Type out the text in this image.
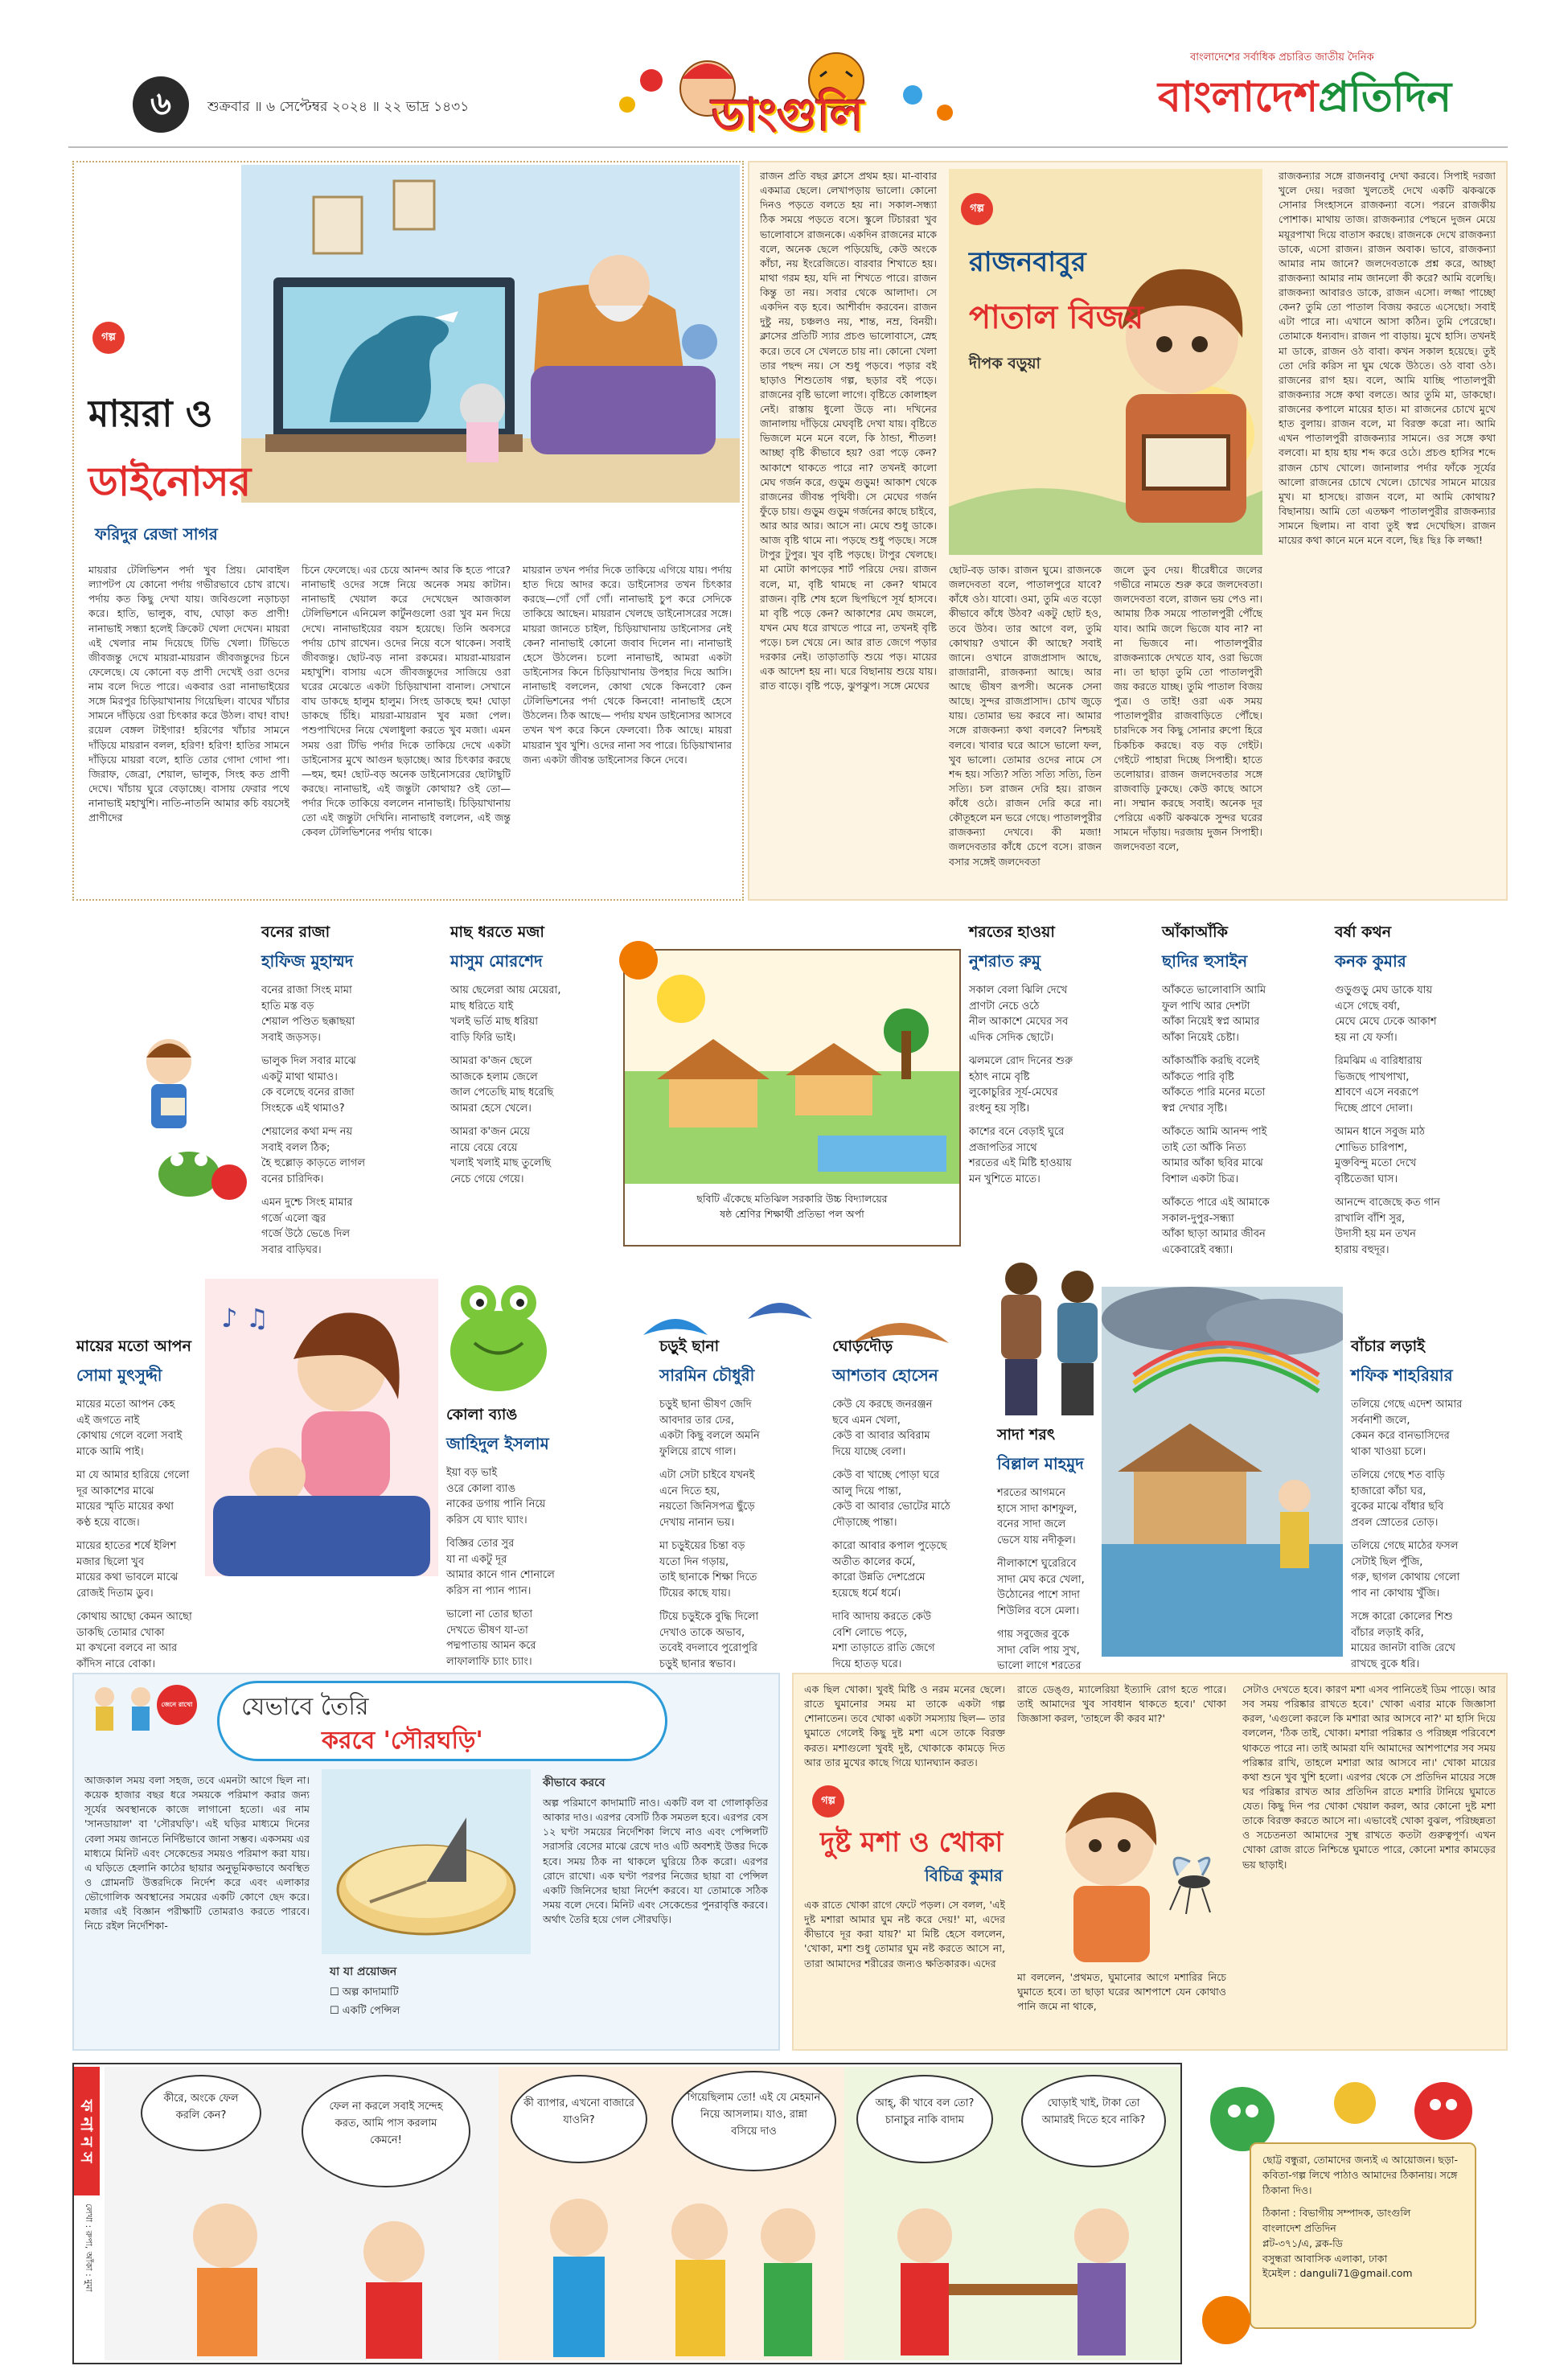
৬	শুক্রবার ॥ ৬ সেপ্টেম্বর ২০২৪ ॥ ২২ ভাদ্র ১৪৩১	ডাংগুলি
বাংলাদেশের সর্বাধিক প্রচারিত জাতীয় দৈনিক
বাংলাদেশপ্রতিদিন
গল্প
মায়রা ও
ডাইনোসর
ফরিদুর রেজা সাগর
মায়রার টেলিভিশন পর্দা খুব প্রিয়। মোবাইল ল্যাপটপ যে কোনো পর্দায় গভীরভাবে চোখ রাখে। পর্দায় কত কিছু দেখা যায়। জবিগুলো নড়াচড়া করে। হাতি, ভালুক, বাঘ, ঘোড়া কত প্রাণী! নানাভাই সন্ধ্যা হলেই ক্রিকেট খেলা দেখেন। মায়রা এই খেলার নাম দিয়েছে টিভি খেলা। টিভিতে জীবজন্তু দেখে মায়রা-মায়রান জীবজন্তুদের চিনে ফেলেছে। যে কোনো বড় প্রাণী দেখেই ওরা ওদের নাম বলে দিতে পারে। একবার ওরা নানাভাইয়ের সঙ্গে মিরপুর চিড়িয়াখানায় গিয়েছিল। বাঘের খাঁচার সামনে দাঁড়িয়ে ওরা চিৎকার করে উঠল। বাঘ! বাঘ! রয়েল বেঙ্গল টাইগার! হরিণের খাঁচার সামনে দাঁড়িয়ে মায়রান বলল, হরিণ! হরিণ! হাতির সামনে দাঁড়িয়ে মায়রা বলে, হাতি তোর গোদা গোদা পা। জিরাফ, জেব্রা, শেয়াল, ভালুক, সিংহ কত প্রাণী দেখে। খাঁচায় ঘুরে বেড়াচ্ছে। বাসায় ফেরার পথে নানাভাই মহাখুশি। নাতি-নাতনি আমার কচি বয়সেই প্রাণীদের
চিনে ফেলেছে। এর চেয়ে আনন্দ আর কি হতে পারে? নানাভাই ওদের সঙ্গে নিয়ে অনেক সময় কাটান। নানাভাই খেয়াল করে দেখেছেন আজকাল টেলিভিশনে এনিমেল কার্টুনগুলো ওরা খুব মন দিয়ে দেখে। নানাভাইয়ের বয়স হয়েছে। তিনি অবসরে পর্দায় চোখ রাখেন। ওদের নিয়ে বসে থাকেন। সবাই জীবজন্তু। ছোট-বড় নানা রকমের। মায়রা-মায়রান মহাখুশি। বাসায় এসে জীবজন্তুদের সাজিয়ে ওরা ঘরের মেঝেতে একটা চিড়িয়াখানা বানাল। সেখানে বাঘ ডাকছে হালুম হালুম। সিংহ ডাকছে হুম! ঘোড়া ডাকছে চিঁহি। মায়রা-মায়রান খুব মজা পেল। পশুপাখিদের নিয়ে খেলাধুলা করতে খুব মজা। এমন সময় ওরা টিভি পর্দার দিকে তাকিয়ে দেখে একটা ডাইনোসর মুখে আগুন ছড়াচ্ছে। আর চিৎকার করছে—হুম, হুম! ছোট-বড় অনেক ডাইনোসরের ছোটাছুটি করছে। নানাভাই, এই জন্তুটা কোথায়? ওই তো—পর্দার দিকে তাকিয়ে বললেন নানাভাই। চিড়িয়াখানায় তো এই জন্তুটা দেখিনি। নানাভাই বললেন, এই জন্তু কেবল টেলিভিশনের পর্দায় থাকে।
মায়রান তখন পর্দার দিকে তাকিয়ে এগিয়ে যায়। পর্দায় হাত দিয়ে আদর করে। ডাইনোসর তখন চিৎকার করছে—গোঁ গোঁ গোঁ। নানাভাই চুপ করে সেদিকে তাকিয়ে আছেন। মায়রান খেলছে ডাইনোসরের সঙ্গে। মায়রা জানতে চাইল, চিড়িয়াখানায় ডাইনোসর নেই কেন? নানাভাই কোনো জবাব দিলেন না। নানাভাই হেসে উঠলেন। চলো নানাভাই, আমরা একটা ডাইনোসর কিনে চিড়িয়াখানায় উপহার দিয়ে আসি। নানাভাই বললেন, কোথা থেকে কিনবো? কেন টেলিভিশনের পর্দা থেকে কিনবো! নানাভাই হেসে উঠলেন। ঠিক আছে— পর্দায় যখন ডাইনোসর আসবে তখন খপ করে কিনে ফেলবো। ঠিক আছে। মায়রা মায়রান খুব খুশি। ওদের নানা সব পারে। চিড়িয়াখানার জন্য একটা জীবন্ত ডাইনোসর কিনে দেবে।
রাজন প্রতি বছর ক্লাসে প্রথম হয়। মা-বাবার একমাত্র ছেলে। লেখাপড়ায় ভালো। কোনো দিনও পড়তে বলতে হয় না। সকাল-সন্ধ্যা ঠিক সময়ে পড়তে বসে। স্কুলে টিচাররা খুব ভালোবাসে রাজনকে। একদিন রাজনের মাকে বলে, অনেক ছেলে পড়িয়েছি, কেউ অংকে কাঁচা, নয় ইংরেজিতে। বারবার শিখাতে হয়। মাথা গরম হয়, যদি না শিখতে পারে। রাজন কিন্তু তা নয়। সবার থেকে আলাদা। সে একদিন বড় হবে। আশীর্বাদ করবেন। রাজন দুষ্টু নয়, চঞ্চলও নয়, শান্ত, নম্র, বিনয়ী। ক্লাসের প্রতিটি স্যার প্রচণ্ড ভালোবাসে, স্নেহ করে। তবে সে খেলতে চায় না। কোনো খেলা তার পছন্দ নয়। সে শুধু পড়বে। পড়ার বই ছাড়াও শিশুতোষ গল্প, ছড়ার বই পড়ে। রাজনের বৃষ্টি ভালো লাগে। বৃষ্টিতে কোলাহল নেই। রাস্তায় ধুলো উড়ে না। দখিনের জানালায় দাঁড়িয়ে মেঘবৃষ্টি দেখা যায়। বৃষ্টিতে ভিজলে মনে মনে বলে, কি ঠান্ডা, শীতল! আচ্ছা বৃষ্টি কীভাবে হয়? ওরা পড়ে কেন? আকাশে থাকতে পারে না? তখনই কালো মেঘ গর্জন করে, গুড়ুম গুড়ুম! আকাশ থেকে রাজনের জীবন্ত পৃথিবী। সে মেঘের গর্জন ফুঁড়ে চায়। গুড়ুম গুড়ুম গর্জনের কাছে চাইবে, আর আর আর। আসে না। মেঘে শুধু ডাকে। আজ বৃষ্টি থামে না। পড়ছে শুধু পড়ছে। সঙ্গে টাপুর টুপুর। খুব বৃষ্টি পড়ছে। টাপুর খেলছে। মা মোটা কাপড়ের শার্ট পরিয়ে দেয়। রাজন বলে, মা, বৃষ্টি থামছে না কেন? থামবে রাজন। বৃষ্টি শেষ হলে ছিপছিপে সূর্য হাসবে। মা বৃষ্টি পড়ে কেন? আকাশের মেঘ জমলে, যখন মেঘ ধরে রাখতে পারে না, তখনই বৃষ্টি পড়ে। চল খেয়ে নে। আর রাত জেগে পড়ার দরকার নেই। তাড়াতাড়ি শুয়ে পড়। মায়ের এক আদেশ হয় না। ঘরে বিছানায় শুয়ে যায়। রাত বাড়ে। বৃষ্টি পড়ে, ঝুপঝুপ। সঙ্গে মেঘের
গল্প
রাজনবাবুর
পাতাল বিজয়
দীপক বড়ুয়া
ছোট-বড় ডাক। রাজন ঘুমে। রাজনকে জলদেবতা বলে, পাতালপুরে যাবে? কাঁধে ওঠ। যাবো। ওমা, তুমি এত বড়ো কীভাবে কাঁধে উঠব? একটু ছোট হও, তবে উঠব। তার আগে বল, তুমি কোথায়? ওখানে কী আছে? সবাই জানে। ওখানে রাজপ্রাসাদ আছে, রাজারানী, রাজকন্যা আছে। আর আছে ভীষণ রূপসী। অনেক সেনা আছে। সুন্দর রাজপ্রাসাদ। চোখ জুড়ে যায়। তোমার ভয় করবে না। আমার সঙ্গে রাজকন্যা কথা বলবে? নিশ্চয়ই বলবে। খাবার ঘরে আসে ভালো ফল, খুব ভালো। তোমার ওদের নামে সে শব্দ হয়। সত্যি? সত্যি সত্যি সত্যি, তিন সত্যি। চল রাজন দেরি হয়। রাজন কাঁধে ওঠে। রাজন দেরি করে না। কৌতূহলে মন ভরে গেছে। পাতালপুরীর রাজকন্যা দেখবে। কী মজা! জলদেবতার কাঁধে চেপে বসে। রাজন বসার সঙ্গেই জলদেবতা
জলে ডুব দেয়। ধীরেধীরে জলের গভীরে নামতে শুরু করে জলদেবতা। জলদেবতা বলে, রাজন ভয় পেও না। আমায় ঠিক সময়ে পাতালপুরী পৌঁছে যাব। আমি জলে ভিজে যাব না? না না ভিজবে না। পাতালপুরীর রাজকন্যাকে দেখতে যাব, ওরা ভিজে না। তা ছাড়া তুমি তো পাতালপুরী জয় করতে যাচ্ছ। তুমি পাতাল বিজয় পুত্র। ও তাই! ওরা এক সময় পাতালপুরীর রাজবাড়িতে পৌঁছে। চারদিকে সব কিছু সোনার রুপো হিরে চিকচিক করছে। বড় বড় গেইট। গেইটে পাহারা দিচ্ছে সিপাহী। হাতে তলোয়ার। রাজন জলদেবতার সঙ্গে রাজবাড়ি ঢুকছে। কেউ কাছে আসে না। সম্মান করছে সবাই। অনেক দূর পেরিয়ে একটি ঝকঝকে সুন্দর ঘরের সামনে দাঁড়ায়। দরজায় দুজন সিপাহী। জলদেবতা বলে,
রাজকন্যার সঙ্গে রাজনবাবু দেখা করবে। সিপাই দরজা খুলে দেয়। দরজা খুলতেই দেখে একটি ঝকঝকে সোনার সিংহাসনে রাজকন্যা বসে। পরনে রাজকীয় পোশাক। মাথায় তাজ। রাজকন্যার পেছনে দুজন মেয়ে ময়ূরপাখা দিয়ে বাতাস করছে। রাজনকে দেখে রাজকন্যা ডাকে, এসো রাজন। রাজন অবাক। ভাবে, রাজকন্যা আমার নাম জানে? জলদেবতাকে প্রশ্ন করে, আচ্ছা রাজকন্যা আমার নাম জানলো কী করে? আমি বলেছি। রাজকন্যা আবারও ডাকে, রাজন এসো। লজ্জা পাচ্ছো কেন? তুমি তো পাতাল বিজয় করতে এসেছো। সবাই এটা পারে না। এখানে আসা কঠিন। তুমি পেরেছো। তোমাকে ধন্যবাদ। রাজন পা বাড়ায়। মুখে হাসি। তখনই মা ডাকে, রাজন ওঠ বাবা। কখন সকাল হয়েছে। তুই তো দেরি করিস না ঘুম থেকে উঠতে। ওঠ বাবা ওঠ। রাজনের রাগ হয়। বলে, আমি যাচ্ছি পাতালপুরী রাজকন্যার সঙ্গে কথা বলতে। আর তুমি মা, ডাকছো। রাজনের কপালে মায়ের হাত। মা রাজনের চোখে মুখে হাত বুলায়। রাজন বলে, মা বিরক্ত করো না। আমি এখন পাতালপুরী রাজকন্যার সামনে। ওর সঙ্গে কথা বলবো। মা হায় হায় শব্দ করে ওঠে। প্রচণ্ড হাসির শব্দে রাজন চোখ খোলে। জানালার পর্দার ফাঁকে সূর্যের আলো রাজনের চোখে খেলে। চোখের সামনে মায়ের মুখ। মা হাসছে। রাজন বলে, মা আমি কোথায়? বিছানায়। আমি তো এতক্ষণ পাতালপুরীর রাজকন্যার সামনে ছিলাম। না বাবা তুই স্বপ্ন দেখেছিস। রাজন মায়ের কথা কানে মনে মনে বলে, ছিঃ ছিঃ কি লজ্জা!
বনের রাজা
হাফিজ মুহাম্মদ
বনের রাজা সিংহ মামা
হাতি মস্ত বড়
শেয়াল পণ্ডিত ছক্কাছয়া
সবাই জড়সড়।
ভালুক দিল সবার মাঝে
একটু মাথা থামাও।
কে বলেছে বনের রাজা
সিংহকে এই থামাও?
শেয়ালের কথা মন্দ নয়
সবাই বলল ঠিক;
হৈ হুল্লোড় কাড়তে লাগল
বনের চারিদিক।
এমন দুশ্চে সিংহ মামার
গর্জে এলো জ্বর
গর্জে উঠে ভেঙে দিল
সবার বাড়িঘর।
মাছ ধরতে মজা
মাসুম মোরশেদ
আয় ছেলেরা আয় মেয়েরা,
মাছ ধরিতে যাই
খলই ভর্তি মাছ ধরিয়া
বাড়ি ফিরি ভাই।
আমরা ক'জন ছেলে
আজকে হলাম জেলে
জাল পেতেছি মাছ ধরেছি
আমরা হেসে খেলে।
আমরা ক'জন মেয়ে
নায়ে বেয়ে বেয়ে
খলাই খলাই মাছ তুলেছি
নেচে গেয়ে গেয়ে।
ছবিটি এঁকেছে মতিঝিল সরকারি উচ্চ বিদ্যালয়ের
ষষ্ঠ শ্রেণির শিক্ষার্থী প্রতিভা পল অর্পা
শরতের হাওয়া
নুশরাত রুমু
সকাল বেলা ঝিলি দেখে
প্রাণটা নেচে ওঠে
নীল আকাশে মেঘের সব
এদিক সেদিক ছোটে।
ঝলমলে রোদ দিনের শুরু
হঠাৎ নামে বৃষ্টি
লুকোচুরির সূর্য-মেঘের
রংধনু হয় সৃষ্টি।
কাশের বনে বেড়াই ঘুরে
প্রজাপতির সাথে
শরতের এই মিষ্টি হাওয়ায়
মন খুশিতে মাতে।
আঁকাআঁকি
ছাদির হুসাইন
আঁকতে ভালোবাসি আমি
ফুল পাখি আর দেশটা
আঁকা নিয়েই স্বপ্ন আমার
আঁকা নিয়েই চেষ্টা।
আঁকাআঁকি করছি বলেই
আঁকতে পারি বৃষ্টি
আঁকতে পারি মনের মতো
স্বপ্ন দেখার সৃষ্টি।
আঁকতে আমি আনন্দ পাই
তাই তো আঁকি নিত্য
আমার আঁকা ছবির মাঝে
বিশাল একটা চিত্র।
আঁকতে পারে এই আমাকে
সকাল-দুপুর-সন্ধ্যা
আঁকা ছাড়া আমার জীবন
একেবারেই বন্ধ্যা।
বর্ষা কথন
কনক কুমার
গুড়ুগুড়ু মেঘ ডাকে যায়
এসে গেছে বর্ষা,
মেঘে মেঘে ঢেকে আকাশ
হয় না যে ফর্সা।
রিমঝিম এ বারিধারায়
ভিজছে পাখপাখা,
শ্রাবণে এসে নবরূপে
দিচ্ছে প্রাণে দোলা।
আমন ধানে সবুজ মাঠ
শোভিত চারিপাশ,
মুক্তবিন্দু মতো দেখে
বৃষ্টিতেজা ঘাস।
আনন্দে বাজেছে কত গান
রাখালি বাঁশি সুর,
উদাসী হয় মন তখন
হারায় বহুদূর।
মায়ের মতো আপন
সোমা মুৎসুদ্দী
মায়ের মতো আপন কেহ
এই জগতে নাই
কোথায় গেলে বলো সবাই
মাকে আমি পাই।
মা যে আমার হারিয়ে গেলো
দূর আকাশের মাঝে
মায়ের স্মৃতি মায়ের কথা
কণ্ঠ হয়ে বাজে।
মায়ের হাতের শর্ষে ইলিশ
মজার ছিলো খুব
মায়ের কথা ভাবলে মাঝে
রোজই দিতাম ডুব।
কোথায় আছো কেমন আছো
ডাকছি তোমার খোকা
মা কখনো বলবে না আর
কাঁদিস নারে বোকা।
♪ ♫
কোলা ব্যাঙ
জাহিদুল ইসলাম
ইয়া বড় ভাই
ওরে কোলা ব্যাঙ
নাকের ডগায় পানি নিয়ে
করিস যে ঘ্যাং ঘ্যাং।
বিজ্ঞির তোর সুর
যা না একটু দূর
আমার কানে গান শোনালে
করিস না প্যান প্যান।
ভালো না তোর ছাতা
দেখতে ভীষণ যা-তা
পদ্মপাতায় আমন করে
লাফালাফি চ্যাং চ্যাং।
চড়ুই ছানা
সারমিন চৌধুরী
চড়ুই ছানা ভীষণ জেদি
আবদার তার ঢের,
একটা কিছু বললে অমনি
ফুলিয়ে রাখে গাল।
এটা সেটা চাইবে যখনই
এনে দিতে হয়,
নয়তো জিনিসপত্র ছুঁড়ে
দেখায় নানান ভয়।
মা চড়ুইয়ের চিন্তা বড়
যতো দিন গড়ায়,
তাই ছানাকে শিক্ষা দিতে
টিয়ের কাছে যায়।
টিয়ে চড়ুইকে বুদ্ধি দিলো
দেখাও তাকে অভাব,
তবেই বদলাবে পুরোপুরি
চড়ুই ছানার স্বভাব।
ঘোড়দৌড়
আশতাব হোসেন
কেউ যে করছে জনরঞ্জন
ছবে এমন খেলা,
কেউ বা আবার অবিরাম
দিয়ে যাচ্ছে বেলা।
কেউ বা খাচ্ছে পোড়া ঘরে
আলু দিয়ে পান্তা,
কেউ বা আবার ভোটের মাঠে
দৌড়াচ্ছে পান্তা।
কারো আবার কপাল পুড়েছে
অতীত কালের কর্মে,
কারো উন্নতি দেশপ্রেমে
হয়েছে ধর্মে ধর্মে।
দাবি আদায় করতে কেউ
বেশি লোভে পড়ে,
মশা তাড়াতে রাতি জেগে
দিয়ে হাতড় ঘরে।
সাদা শরৎ
বিল্লাল মাহমুদ
শরতের আগমনে
হাসে সাদা কাশফুল,
বনের সাদা জলে
ভেসে যায় নদীকূল।
নীলাকাশে ঘুরেরিবে
সাদা মেঘ করে খেলা,
উঠোনের পাশে সাদা
শিউলির বসে মেলা।
গায় সবুজের বুকে
সাদা বেলি পায় সুখ,
ভালো লাগে শরতের

বাঁচার লড়াই
শফিক শাহরিয়ার
তলিয়ে গেছে এদেশ আমার
সর্বনাশী জলে,
কেমন করে বানভাসিদের
থাকা খাওয়া চলে।
তলিয়ে গেছে শত বাড়ি
হাজারো কাঁচা ঘর,
বুকের মাঝে বাঁধার ছবি
প্রবল স্রোতের তোড়।
তলিয়ে গেছে মাঠের ফসল
সেটাই ছিল পুঁজি,
গরু, ছাগল কোথায় গেলো
পাব না কোথায় খুঁজি।
সঙ্গে কারো কোলের শিশু
বাঁচার লড়াই করি,
মায়ের জানটা বাজি রেখে
রাখছে বুকে ধরি।
যেভাবে তৈরি
করবে 'সৌরঘড়ি'
জেনে রাখো
আজকাল সময় বলা সহজ, তবে এমনটা আগে ছিল না। কয়েক হাজার বছর ধরে সময়কে পরিমাপ করার জন্য সূর্যের অবস্থানকে কাজে লাগানো হতো। এর নাম 'সানডায়াল' বা 'সৌরঘড়ি'। এই ঘড়ির মাধ্যমে দিনের বেলা সময় জানতে নির্দিষ্টভাবে জানা সম্ভব। একসময় এর মাধ্যমে মিনিট এবং সেকেন্ডের সময়ও পরিমাপ করা যায়। এ ঘড়িতে হেলানি কাঠের ছায়ার অনুভূমিকভাবে অবস্থিত ও গ্নোমনটি উত্তরদিকে নির্দেশ করে এবং এলাকার ভৌগোলিক অবস্থানের সময়ের একটি কোণে ছেদ করে। মজার এই বিজ্ঞান পরীক্ষাটি তোমরাও করতে পারবে। নিচে রইল নির্দেশিকা-
যা যা প্রয়োজন
☐ অল্প কাদামাটি
☐ একটি পেন্সিল
কীভাবে করবে
অল্প পরিমাণে কাদামাটি নাও। একটি বল বা গোলাকৃতির আকার দাও। এরপর বেসটি ঠিক সমতল হবে। এরপর বেস ১২ ঘণ্টা সময়ের নির্দেশিকা লিখে নাও এবং পেন্সিলটি সরাসরি বেসের মাঝে রেখে দাও এটি অবশ্যই উত্তর দিকে হবে। সময় ঠিক না থাকলে ঘুরিয়ে ঠিক করো। এরপর রোদে রাখো। এক ঘণ্টা পরপর নিজের ছায়া বা পেন্সিল একটি জিনিসের ছায়া নির্দেশ করবে। যা তোমাকে সঠিক সময় বলে দেবে। মিনিট এবং সেকেন্ডের পুনরাবৃত্তি করবে। অর্থাৎ তৈরি হয়ে গেল সৌরঘড়ি।
এক ছিল খোকা। খুবই মিষ্টি ও নরম মনের ছেলে। রাতে ঘুমানোর সময় মা তাকে একটা গল্প শোনাতেন। তবে খোকা একটা সমস্যায় ছিল— তার ঘুমাতে গেলেই কিছু দুষ্ট মশা এসে তাকে বিরক্ত করত। মশাগুলো খুবই দুষ্ট, খোকাকে কামড়ে দিত আর তার মুখের কাছে গিয়ে ঘ্যানঘ্যান করত।
রাতে ডেঙ্গু, ম্যালেরিয়া ইত্যাদি রোগ হতে পারে। তাই আমাদের খুব সাবধান থাকতে হবে।' খোকা জিজ্ঞাসা করল, 'তাহলে কী করব মা?'
গল্প
দুষ্ট মশা ও খোকা
বিচিত্র কুমার
এক রাতে খোকা রাগে ফেটে পড়ল। সে বলল, 'এই দুষ্ট মশারা আমার ঘুম নষ্ট করে দেয়!' মা, এদের কীভাবে দূর করা যায়?' মা মিষ্টি হেসে বললেন, 'খোকা, মশা শুধু তোমার ঘুম নষ্ট করতে আসে না, তারা আমাদের শরীরের জন্যও ক্ষতিকারক। এদের
মা বললেন, 'প্রথমত, ঘুমানোর আগে মশারির নিচে ঘুমাতে হবে। তা ছাড়া ঘরের আশপাশে যেন কোথাও পানি জমে না থাকে,
সেটাও দেখতে হবে। কারণ মশা এসব পানিতেই ডিম পাড়ে। আর সব সময় পরিষ্কার রাখতে হবে।' খোকা এবার মাকে জিজ্ঞাসা করল, 'এগুলো করলে কি মশারা আর আসবে না?' মা হাসি দিয়ে বললেন, 'ঠিক তাই, খোকা। মশারা পরিষ্কার ও পরিচ্ছন্ন পরিবেশে থাকতে পারে না। তাই আমরা যদি আমাদের আশপাশের সব সময় পরিষ্কার রাখি, তাহলে মশারা আর আসবে না।' খোকা মায়ের কথা শুনে খুব খুশি হলো। এরপর থেকে সে প্রতিদিন মায়ের সঙ্গে ঘর পরিষ্কার রাখত আর প্রতিদিন রাতে মশারি টানিয়ে ঘুমাতে যেত। কিছু দিন পর খোকা খেয়াল করল, আর কোনো দুষ্ট মশা তাকে বিরক্ত করতে আসে না। এভাবেই খোকা বুঝল, পরিচ্ছন্নতা ও সচেতনতা আমাদের সুস্থ রাখতে কতটা গুরুত্বপূর্ণ। এখন খোকা রোজ রাতে নিশ্চিন্তে ঘুমাতে পারে, কোনো মশার কামড়ের ভয় ছাড়াই।
ফ না ন স
লেখা : রুপা, আঁকা : মুমা
কীরে, অংকে ফেল করলি কেন?
ফেল না করলে সবাই সন্দেহ করত, আমি পাস করলাম কেমনে!
কী ব্যাপার, এখনো বাজারে যাওনি?
গিয়েছিলাম তো! এই যে মেহমান নিয়ে আসলাম। যাও, রান্না বসিয়ে দাও
আহ্, কী খাবে বল তো? চানাচুর নাকি বাদাম
ঘোড়াই খাই, টাকা তো আমারই দিতে হবে নাকি?
ছোট্ট বন্ধুরা, তোমাদের জন্যই এ আয়োজন। ছড়া-কবিতা-গল্প লিখে পাঠাও আমাদের ঠিকানায়। সঙ্গে ঠিকানা দিও।
ঠিকানা : বিভাগীয় সম্পাদক, ডাংগুলি
বাংলাদেশ প্রতিদিন
প্লট-৩৭১/এ, ব্লক-ডি
বসুন্ধরা আবাসিক এলাকা, ঢাকা
ইমেইল : danguli71@gmail.com
